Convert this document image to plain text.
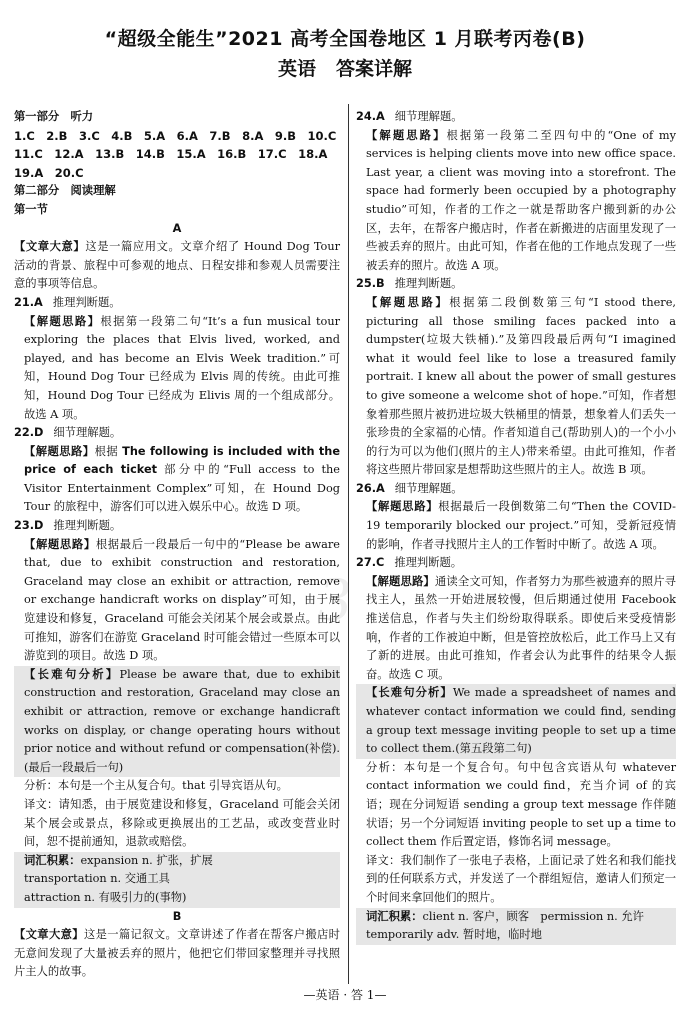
“超级全能生”2021 高考全国卷地区 1 月联考丙卷(B)
英语 答案详解
3

第一部分　听力

1.C　2.B　3.C　4.B　5.A　6.A　7.B　8.A　9.B　10.C

11.C　12.A　13.B　14.B　15.A　16.B　17.C　18.A

19.A　20.C

第二部分　阅读理解

第一节

A

【文章大意】这是一篇应用文。文章介绍了 Hound Dog Tour 活动的背景、旅程中可参观的地点、日程安排和参观人员需要注意的事项等信息。

21.A 推理判断题。

【解题思路】根据第一段第二句“It’s a fun musical tour exploring the places that Elvis lived, worked, and played, and has become an Elvis Week tradition.”可知，Hound Dog Tour 已经成为 Elvis 周的传统。由此可推知，Hound Dog Tour 已经成为 Elivis 周的一个组成部分。故选 A 项。

22.D 细节理解题。

【解题思路】根据 The following is included with the price of each ticket 部分中的“Full access to the Visitor Entertainment Complex”可知，在 Hound Dog Tour 的旅程中，游客们可以进入娱乐中心。故选 D 项。

23.D 推理判断题。

【解题思路】根据最后一段最后一句中的“Please be aware that, due to exhibit construction and restoration, Graceland may close an exhibit or attraction, remove or exchange handicraft works on display”可知，由于展览建设和修复，Graceland 可能会关闭某个展会或景点。由此可推知，游客们在游览 Graceland 时可能会错过一些原本可以游览到的项目。故选 D 项。

【长难句分析】Please be aware that, due to exhibit construction and restoration, Graceland may close an exhibit or attraction, remove or exchange handicraft works on display, or change operating hours without prior notice and without refund or compensation(补偿).(最后一段最后一句)

分析：本句是一个主从复合句。that 引导宾语从句。

译文：请知悉，由于展览建设和修复，Graceland 可能会关闭某个展会或景点，移除或更换展出的工艺品，或改变营业时间，恕不提前通知，退款或赔偿。

词汇积累：expansion n. 扩张，扩展

transportation n. 交通工具

attraction n. 有吸引力的(事物)

B

【文章大意】这是一篇记叙文。文章讲述了作者在帮客户搬店时无意间发现了大量被丢弃的照片，他把它们带回家整理并寻找照片主人的故事。

24.A 细节理解题。

【解题思路】根据第一段第二至四句中的“One of my services is helping clients move into new office space. Last year, a client was moving into a storefront. The space had formerly been occupied by a photography studio”可知，作者的工作之一就是帮助客户搬到新的办公区，去年，在帮客户搬店时，作者在新搬进的店面里发现了一些被丢弃的照片。由此可知，作者在他的工作地点发现了一些被丢弃的照片。故选 A 项。

25.B 推理判断题。

【解题思路】根据第二段倒数第三句“I stood there, picturing all those smiling faces packed into a dumpster(垃圾大铁桶).”及第四段最后两句“I imagined what it would feel like to lose a treasured family portrait. I knew all about the power of small gestures to give someone a welcome shot of hope.”可知，作者想象着那些照片被扔进垃圾大铁桶里的情景，想象着人们丢失一张珍贵的全家福的心情。作者知道自己(帮助别人)的一个小小的行为可以为他们(照片的主人)带来希望。由此可推知，作者将这些照片带回家是想帮助这些照片的主人。故选 B 项。

26.A 细节理解题。

【解题思路】根据最后一段倒数第二句“Then the COVID-19 temporarily blocked our project.”可知，受新冠疫情的影响，作者寻找照片主人的工作暂时中断了。故选 A 项。

27.C 推理判断题。

【解题思路】通读全文可知，作者努力为那些被遗弃的照片寻找主人，虽然一开始进展较慢，但后期通过使用 Facebook 推送信息，作者与失主们纷纷取得联系。即使后来受疫情影响，作者的工作被迫中断，但是管控放松后，此工作马上又有了新的进展。由此可推知，作者会认为此事件的结果令人振奋。故选 C 项。

【长难句分析】We made a spreadsheet of names and whatever contact information we could find, sending a group text message inviting people to set up a time to collect them.(第五段第二句)

分析：本句是一个复合句。句中包含宾语从句 whatever contact information we could find，充当介词 of 的宾语；现在分词短语 sending a group text message 作伴随状语；另一个分词短语 inviting people to set up a time to collect them 作后置定语，修饰名词 message。

译文：我们制作了一张电子表格，上面记录了姓名和我们能找到的任何联系方式，并发送了一个群组短信，邀请人们预定一个时间来拿回他们的照片。

词汇积累：client n. 客户，顾客　permission n. 允许

temporarily adv. 暂时地，临时地

—英语 · 答 1—
